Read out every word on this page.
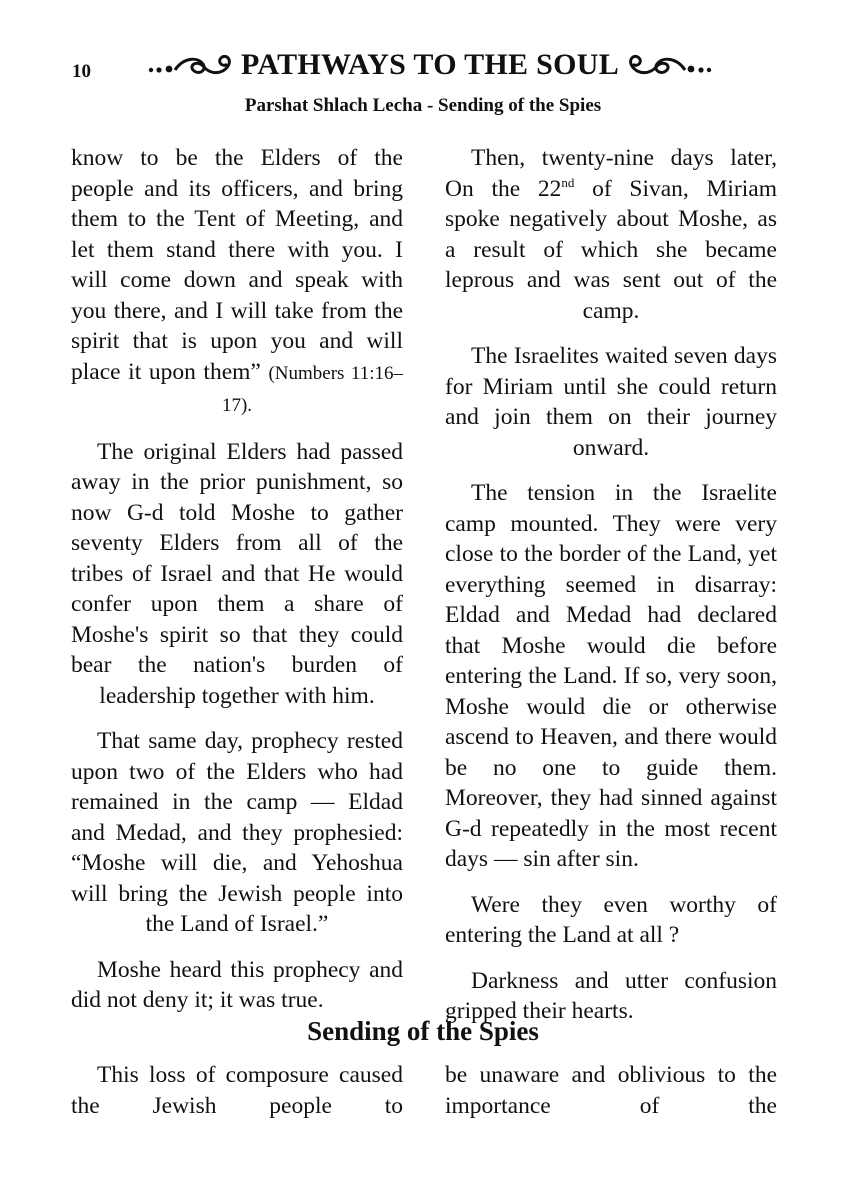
10	PATHWAYS TO THE SOUL
Parshat Shlach Lecha - Sending of the Spies

know to be the Elders of the people and its officers, and bring them to the Tent of Meeting, and let them stand there with you. I will come down and speak with you there, and I will take from the spirit that is upon you and will place it upon them” (Numbers 11:16–17).

The original Elders had passed away in the prior punishment, so now G-d told Moshe to gather seventy Elders from all of the tribes of Israel and that He would confer upon them a share of Moshe's spirit so that they could bear the nation's burden of leadership together with him.

That same day, prophecy rested upon two of the Elders who had remained in the camp — Eldad and Medad, and they prophesied: “Moshe will die, and Yehoshua will bring the Jewish people into the Land of Israel.”

Moshe heard this prophecy and did not deny it; it was true.

Then, twenty-nine days later, On the 22nd of Sivan, Miriam spoke negatively about Moshe, as a result of which she became leprous and was sent out of the camp.

The Israelites waited seven days for Miriam until she could return and join them on their journey onward.

The tension in the Israelite camp mounted. They were very close to the border of the Land, yet everything seemed in disarray: Eldad and Medad had declared that Moshe would die before entering the Land. If so, very soon, Moshe would die or otherwise ascend to Heaven, and there would be no one to guide them. Moreover, they had sinned against G-d repeatedly in the most recent days — sin after sin.

Were they even worthy of entering the Land at all ?

Darkness and utter confusion gripped their hearts.

Sending of the Spies

This loss of composure caused the Jewish people to

be unaware and oblivious to the importance of the
